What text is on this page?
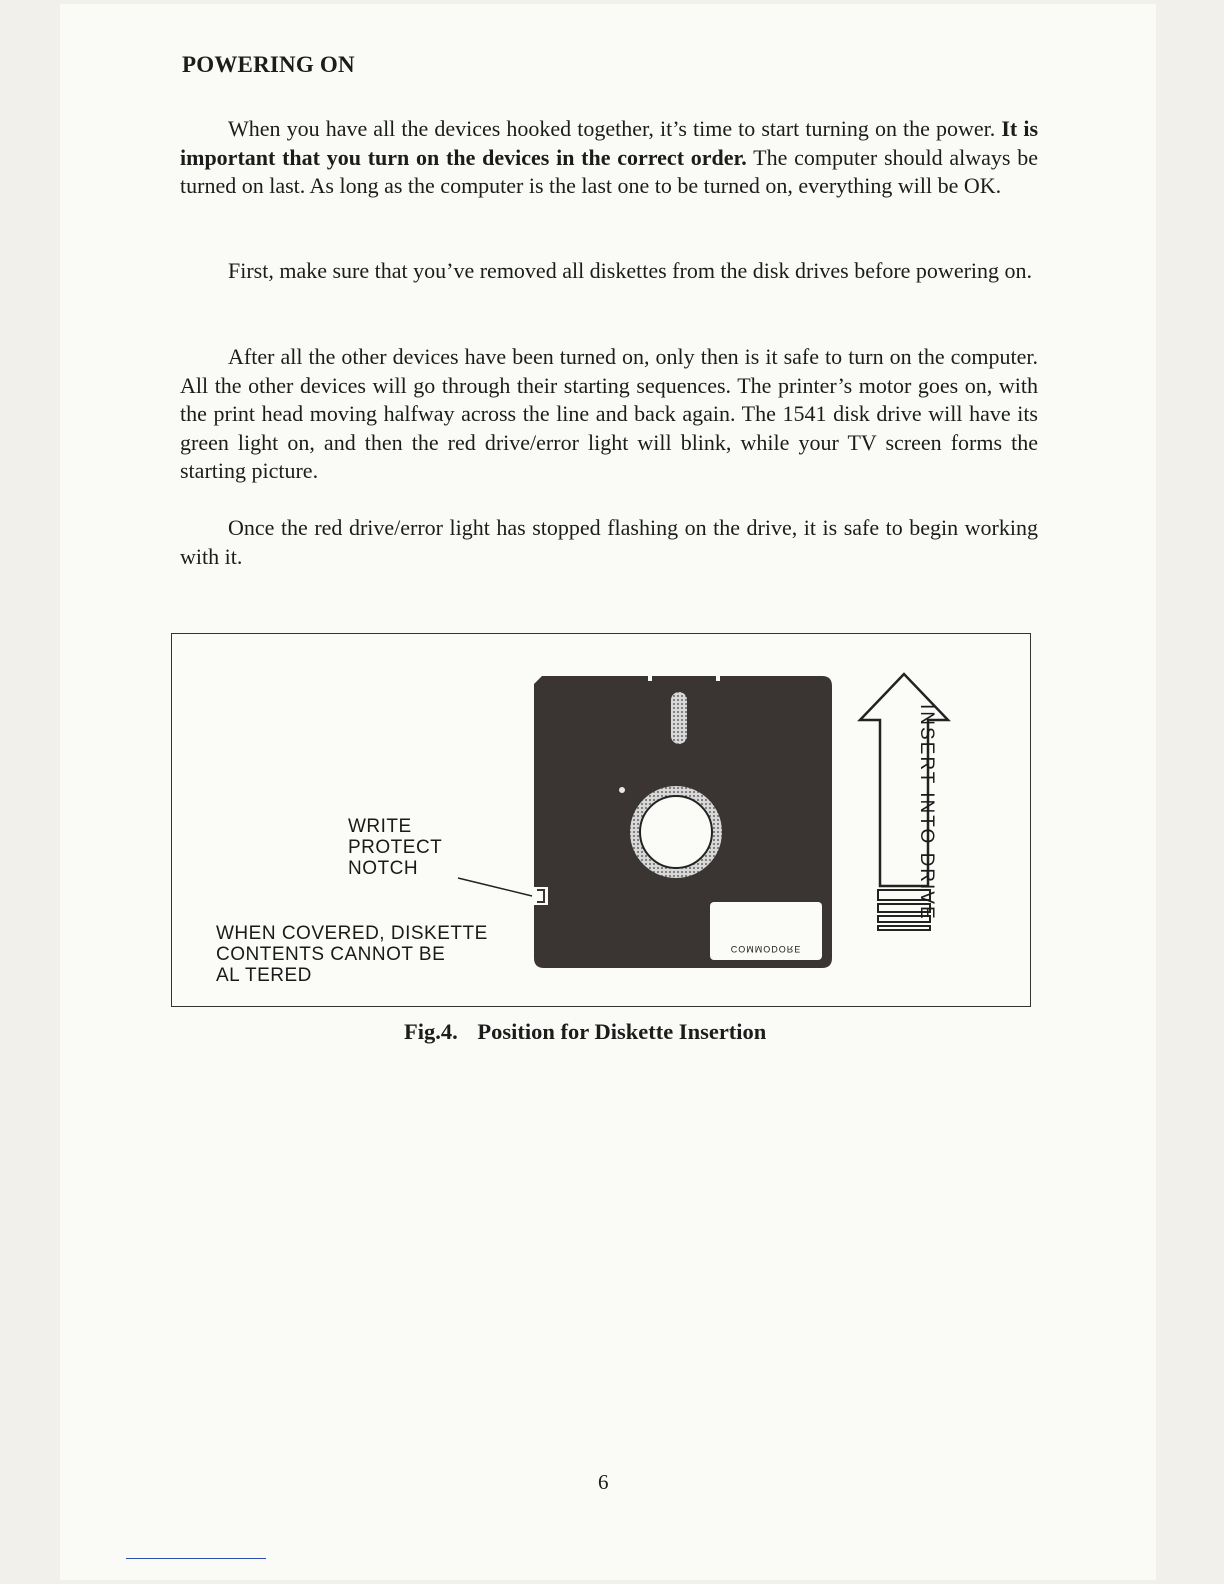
POWERING ON

When you have all the devices hooked together, it’s time to start turning on the power. It is important that you turn on the devices in the correct order. The computer should always be turned on last. As long as the computer is the last one to be turned on, everything will be OK.

First, make sure that you’ve removed all diskettes from the disk drives before powering on.

After all the other devices have been turned on, only then is it safe to turn on the computer. All the other devices will go through their starting sequences. The printer’s motor goes on, with the print head moving halfway across the line and back again. The 1541 disk drive will have its green light on, and then the red drive/error light will blink, while your TV screen forms the starting picture.

Once the red drive/error light has stopped flashing on the drive, it is safe to begin working with it.

COMMODORE
WRITE
PROTECT
NOTCH
WHEN COVERED, DISKETTE
CONTENTS CANNOT BE
AL TERED
INSERT INTO DRIVE
Fig.4. Position for Diskette Insertion
6
